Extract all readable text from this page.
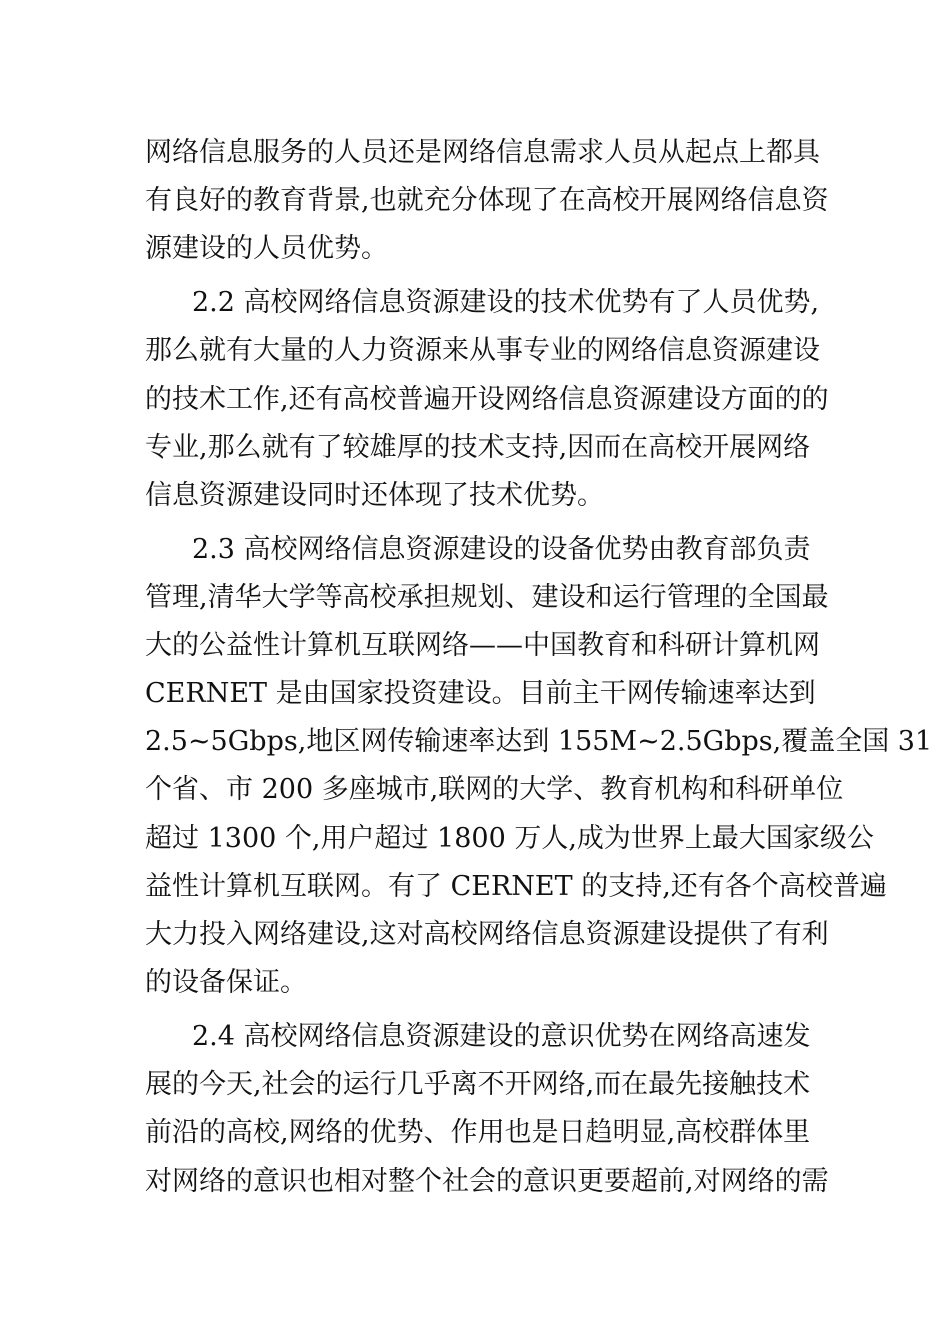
网络信息服务的人员还是网络信息需求人员从起点上都具
有良好的教育背景,也就充分体现了在高校开展网络信息资
源建设的人员优势。
2.2 高校网络信息资源建设的技术优势有了人员优势,
那么就有大量的人力资源来从事专业的网络信息资源建设
的技术工作,还有高校普遍开设网络信息资源建设方面的的
专业,那么就有了较雄厚的技术支持,因而在高校开展网络
信息资源建设同时还体现了技术优势。
2.3 高校网络信息资源建设的设备优势由教育部负责
管理,清华大学等高校承担规划、建设和运行管理的全国最
大的公益性计算机互联网络——中国教育和科研计算机网
CERNET 是由国家投资建设。目前主干网传输速率达到
2.5~5Gbps,地区网传输速率达到 155M~2.5Gbps,覆盖全国 31
个省、市 200 多座城市,联网的大学、教育机构和科研单位
超过 1300 个,用户超过 1800 万人,成为世界上最大国家级公
益性计算机互联网。有了 CERNET 的支持,还有各个高校普遍
大力投入网络建设,这对高校网络信息资源建设提供了有利
的设备保证。
2.4 高校网络信息资源建设的意识优势在网络高速发
展的今天,社会的运行几乎离不开网络,而在最先接触技术
前沿的高校,网络的优势、作用也是日趋明显,高校群体里
对网络的意识也相对整个社会的意识更要超前,对网络的需
